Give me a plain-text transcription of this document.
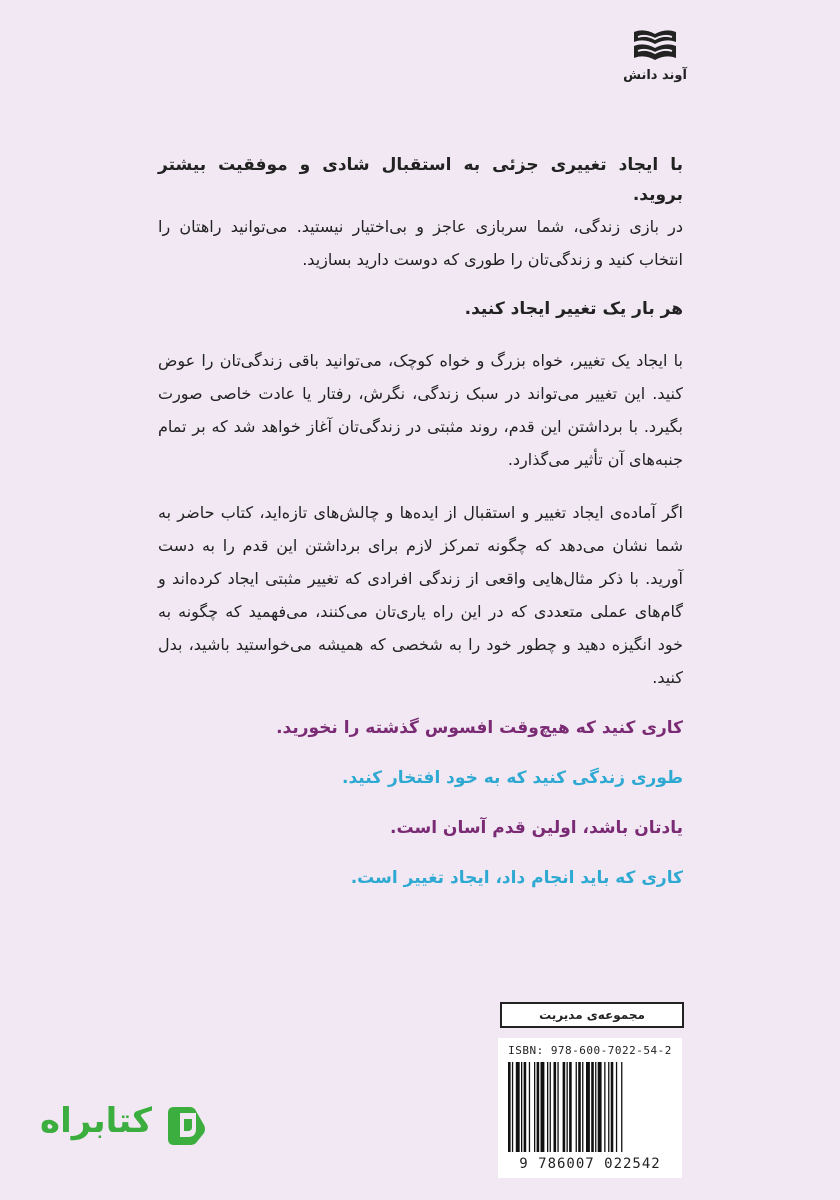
آوند دانش

با ایجاد تغییری جزئی به استقبال شادی و موفقیت بیشتر بروید.

در بازی زندگی، شما سربازی عاجز و بی‌اختیار نیستید. می‌توانید راهتان را انتخاب کنید و زندگی‌تان را طوری که دوست دارید بسازید.

هر بار یک تغییر ایجاد کنید.

با ایجاد یک تغییر، خواه بزرگ و خواه کوچک، می‌توانید باقی زندگی‌تان را عوض کنید. این تغییر می‌تواند در سبک زندگی، نگرش، رفتار یا عادت خاصی صورت بگیرد. با برداشتن این قدم، روند مثبتی در زندگی‌تان آغاز خواهد شد که بر تمام جنبه‌های آن تأثیر می‌گذارد.

اگر آماده‌ی ایجاد تغییر و استقبال از ایده‌ها و چالش‌های تازه‌اید، کتاب حاضر به شما نشان می‌دهد که چگونه تمرکز لازم برای برداشتن این قدم را به دست آورید. با ذکر مثال‌هایی واقعی از زندگی افرادی که تغییر مثبتی ایجاد کرده‌اند و گام‌های عملی متعددی که در این راه یاری‌تان می‌کنند، می‌فهمید که چگونه به خود انگیزه دهید و چطور خود را به شخصی که همیشه می‌خواستید باشید، بدل کنید.

کاری کنید که هیچ‌وقت افسوس گذشته را نخورید.

طوری زندگی کنید که به خود افتخار کنید.

یادتان باشد، اولین قدم آسان است.

کاری که باید انجام داد، ایجاد تغییر است.

مجموعه‌ی مدیریت
ISBN: 978-600-7022-54-2
9 786007 022542
کتابراه
